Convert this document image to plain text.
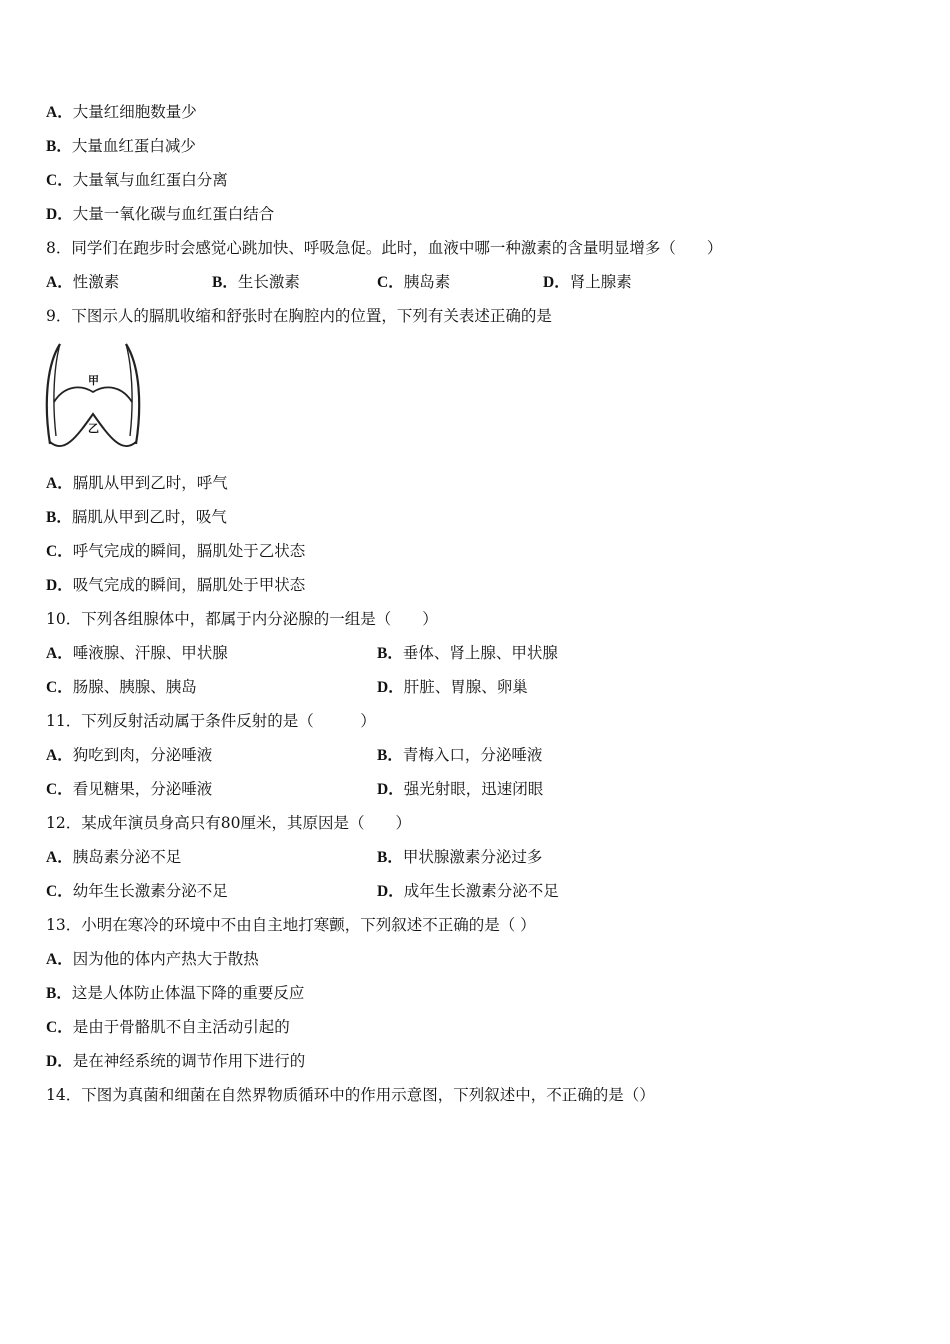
A．大量红细胞数量少
B．大量血红蛋白减少
C．大量氧与血红蛋白分离
D．大量一氧化碳与血红蛋白结合
8．同学们在跑步时会感觉心跳加快、呼吸急促。此时，血液中哪一种激素的含量明显增多（　　）
A．性激素	B．生长激素	C．胰岛素	D．肾上腺素
9．下图示人的膈肌收缩和舒张时在胸腔内的位置，下列有关表述正确的是
甲
乙
A．膈肌从甲到乙时，呼气
B．膈肌从甲到乙时，吸气
C．呼气完成的瞬间，膈肌处于乙状态
D．吸气完成的瞬间，膈肌处于甲状态
10．下列各组腺体中，都属于内分泌腺的一组是（　　）
A．唾液腺、汗腺、甲状腺	B．垂体、肾上腺、甲状腺
C．肠腺、胰腺、胰岛	D．肝脏、胃腺、卵巢
11．下列反射活动属于条件反射的是（　　　）
A．狗吃到肉，分泌唾液	B．青梅入口，分泌唾液
C．看见糖果，分泌唾液	D．强光射眼，迅速闭眼
12．某成年演员身高只有80厘米，其原因是（　　）
A．胰岛素分泌不足	B．甲状腺激素分泌过多
C．幼年生长激素分泌不足	D．成年生长激素分泌不足
13．小明在寒冷的环境中不由自主地打寒颤，下列叙述不正确的是（ ）
A．因为他的体内产热大于散热
B．这是人体防止体温下降的重要反应
C．是由于骨骼肌不自主活动引起的
D．是在神经系统的调节作用下进行的
14．下图为真菌和细菌在自然界物质循环中的作用示意图，下列叙述中，不正确的是（）
